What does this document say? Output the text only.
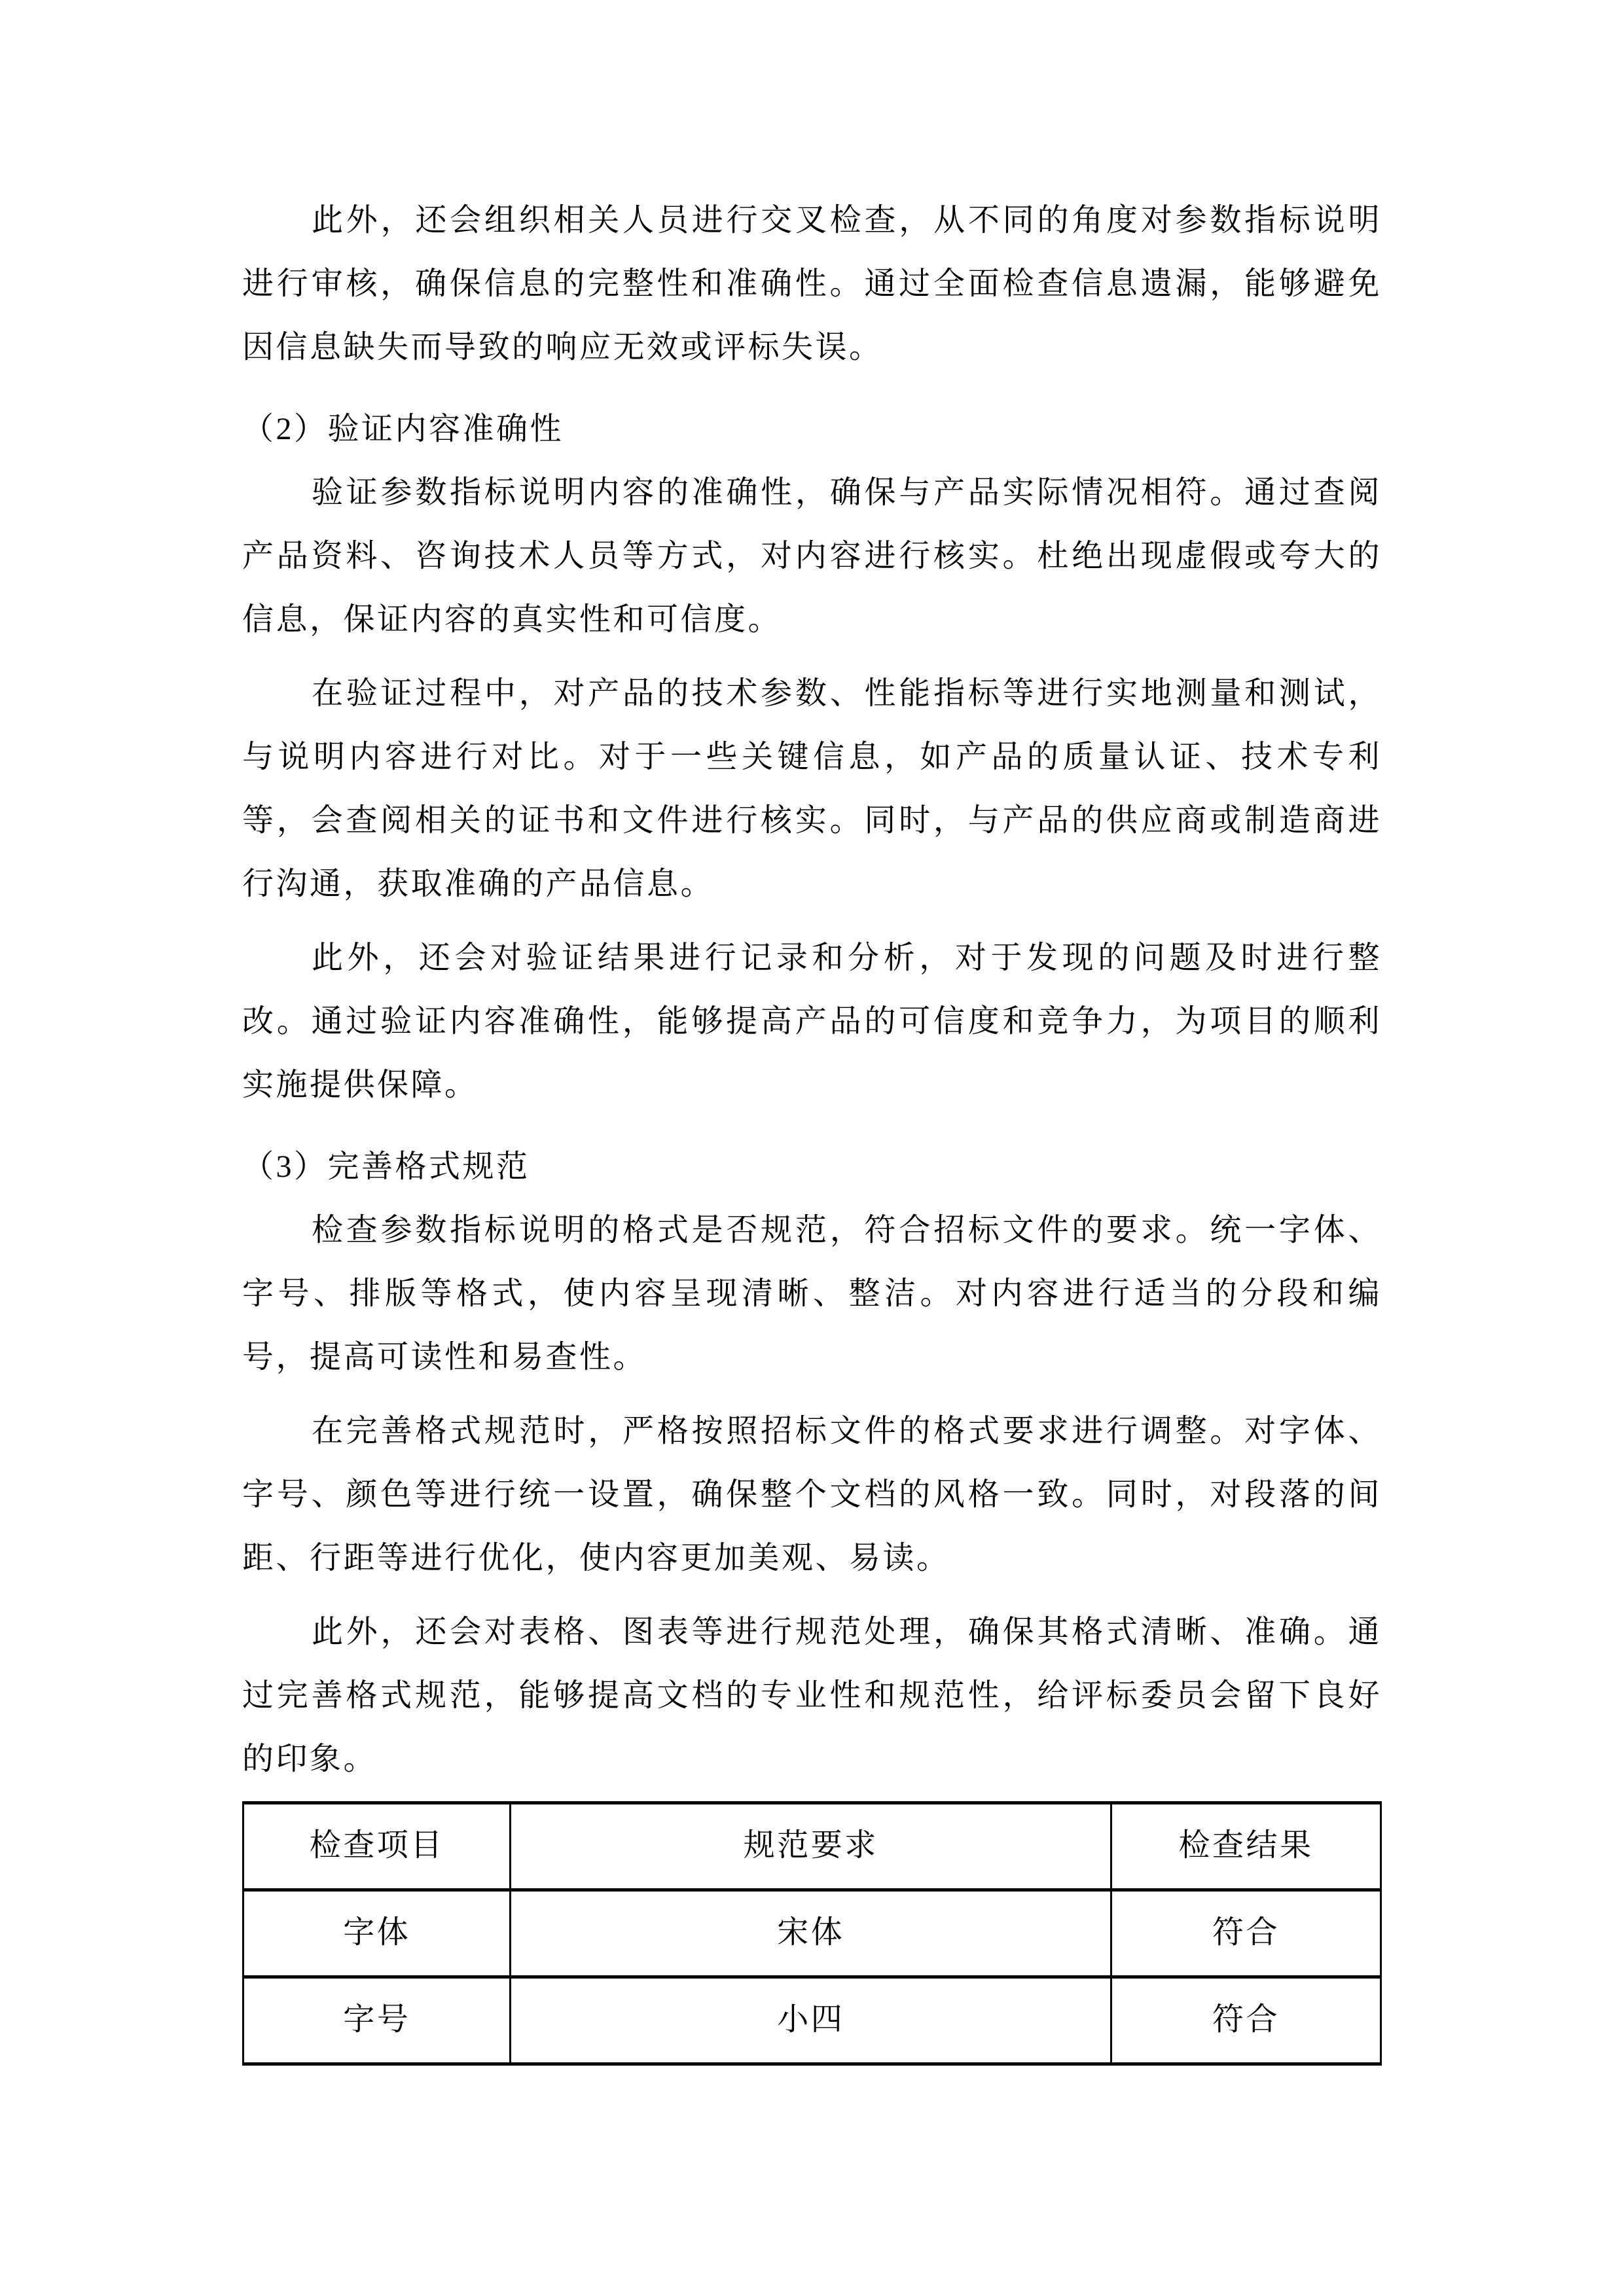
此外，还会组织相关人员进行交叉检查，从不同的角度对参数指标说明进行审核，确保信息的完整性和准确性。通过全面检查信息遗漏，能够避免因信息缺失而导致的响应无效或评标失误。

（2）验证内容准确性

验证参数指标说明内容的准确性，确保与产品实际情况相符。通过查阅产品资料、咨询技术人员等方式，对内容进行核实。杜绝出现虚假或夸大的信息，保证内容的真实性和可信度。

在验证过程中，对产品的技术参数、性能指标等进行实地测量和测试，与说明内容进行对比。对于一些关键信息，如产品的质量认证、技术专利等，会查阅相关的证书和文件进行核实。同时，与产品的供应商或制造商进行沟通，获取准确的产品信息。

此外，还会对验证结果进行记录和分析，对于发现的问题及时进行整改。通过验证内容准确性，能够提高产品的可信度和竞争力，为项目的顺利实施提供保障。

（3）完善格式规范

检查参数指标说明的格式是否规范，符合招标文件的要求。统一字体、字号、排版等格式，使内容呈现清晰、整洁。对内容进行适当的分段和编号，提高可读性和易查性。

在完善格式规范时，严格按照招标文件的格式要求进行调整。对字体、字号、颜色等进行统一设置，确保整个文档的风格一致。同时，对段落的间距、行距等进行优化，使内容更加美观、易读。

此外，还会对表格、图表等进行规范处理，确保其格式清晰、准确。通过完善格式规范，能够提高文档的专业性和规范性，给评标委员会留下良好的印象。

检查项目	规范要求	检查结果
字体	宋体	符合
字号	小四	符合
